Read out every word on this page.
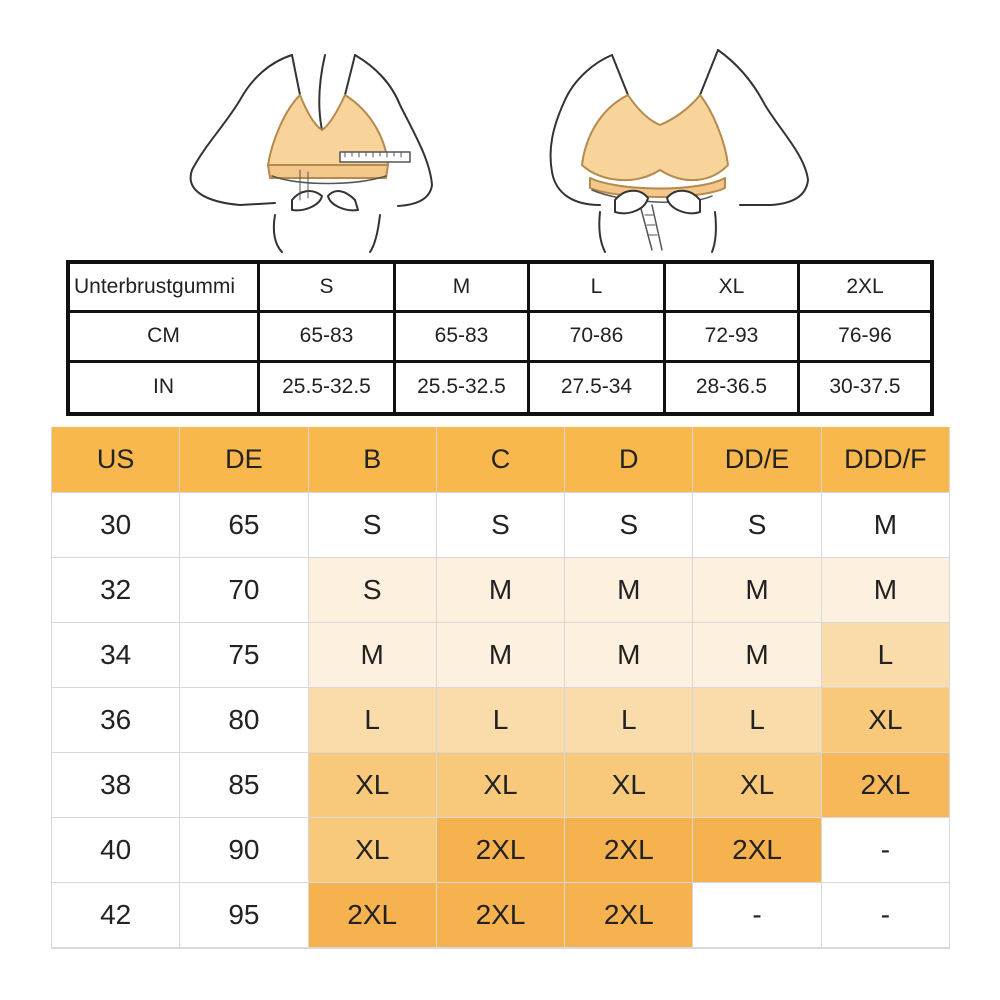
Unterbrustgummi	S	M	L	XL	2XL
CM	65-83	65-83	70-86	72-93	76-96
IN	25.5-32.5	25.5-32.5	27.5-34	28-36.5	30-37.5
US	DE	B	C	D	DD/E	DDD/F
30	65	S	S	S	S	M
32	70	S	M	M	M	M
34	75	M	M	M	M	L
36	80	L	L	L	L	XL
38	85	XL	XL	XL	XL	2XL
40	90	XL	2XL	2XL	2XL	-
42	95	2XL	2XL	2XL	-	-
